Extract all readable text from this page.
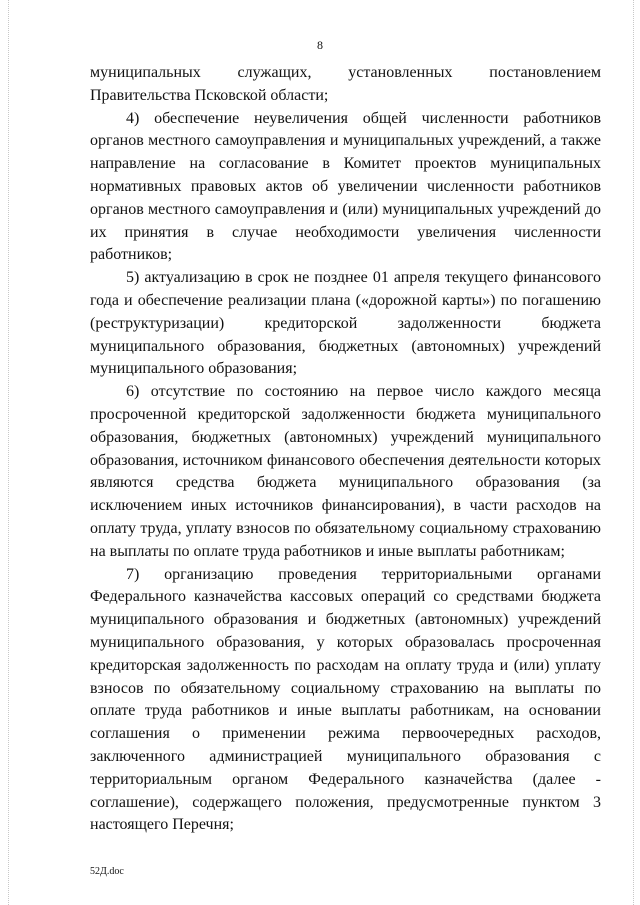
8

муниципальных служащих, установленных постановлением Правительства Псковской области;

4) обеспечение неувеличения общей численности работников органов местного самоуправления и муниципальных учреждений, а также направление на согласование в Комитет проектов муниципальных нормативных правовых актов об увеличении численности работников органов местного самоуправления и (или) муниципальных учреждений до их принятия в случае необходимости увеличения численности работников;

5) актуализацию в срок не позднее 01 апреля текущего финансового года и обеспечение реализации плана («дорожной карты») по погашению (реструктуризации) кредиторской задолженности бюджета муниципального образования, бюджетных (автономных) учреждений муниципального образования;

6) отсутствие по состоянию на первое число каждого месяца просроченной кредиторской задолженности бюджета муниципального образования, бюджетных (автономных) учреждений муниципального образования, источником финансового обеспечения деятельности которых являются средства бюджета муниципального образования (за исключением иных источников финансирования), в части расходов на оплату труда, уплату взносов по обязательному социальному страхованию на выплаты по оплате труда работников и иные выплаты работникам;

7) организацию проведения территориальными органами Федерального казначейства кассовых операций со средствами бюджета муниципального образования и бюджетных (автономных) учреждений муниципального образования, у которых образовалась просроченная кредиторская задолженность по расходам на оплату труда и (или) уплату взносов по обязательному социальному страхованию на выплаты по оплате труда работников и иные выплаты работникам, на основании соглашения о применении режима первоочередных расходов, заключенного администрацией муниципального образования с территориальным органом Федерального казначейства (далее - соглашение), содержащего положения, предусмотренные пунктом 3 настоящего Перечня;

52Д.doc
